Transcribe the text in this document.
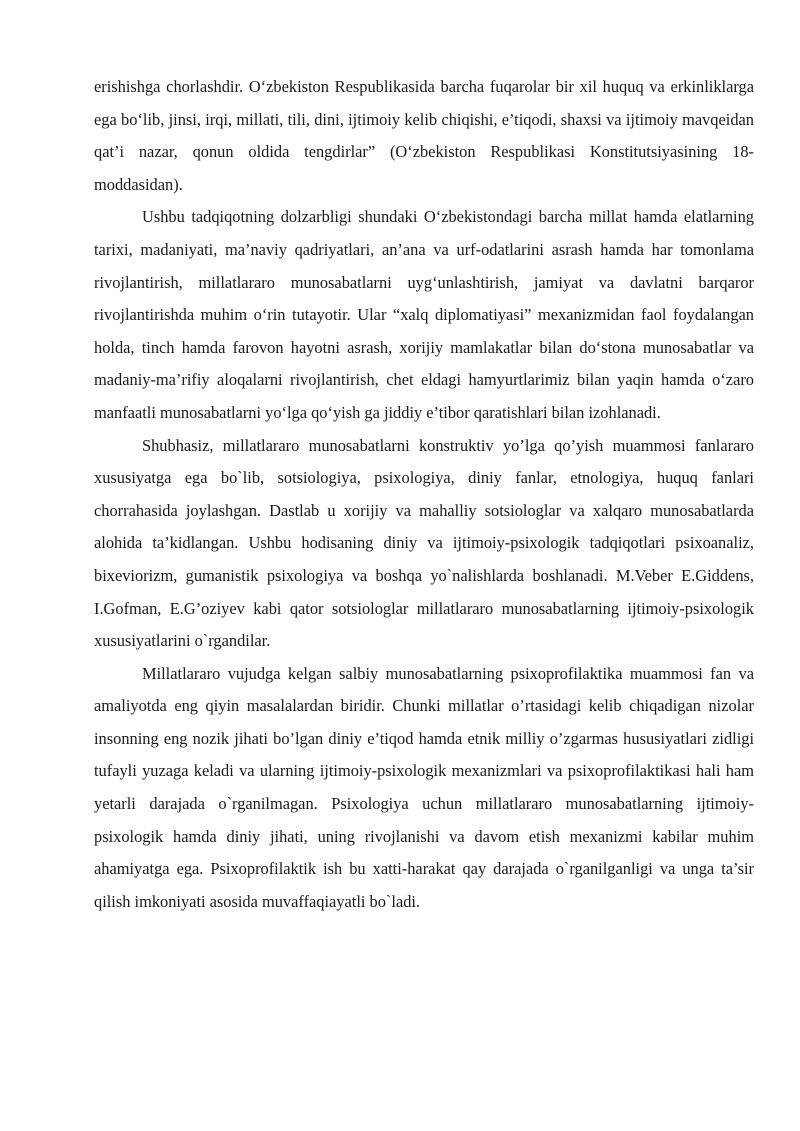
erishishga chorlashdir. O‘zbekiston Respublikasida barcha fuqarolar bir xil huquq va erkinliklarga ega bo‘lib, jinsi, irqi, millati, tili, dini, ijtimoiy kelib chiqishi, e’tiqodi, shaxsi va ijtimoiy mavqeidan qat’i nazar, qonun oldida tengdirlar” (O‘zbekiston Respublikasi Konstitutsiyasining 18-moddasidan).

Ushbu tadqiqotning dolzarbligi shundaki O‘zbekistondagi barcha millat hamda elatlarning tarixi, madaniyati, ma’naviy qadriyatlari, an’ana va urf-odatlarini asrash hamda har tomonlama rivojlantirish, millatlararo munosabatlarni uyg‘unlashtirish, jamiyat va davlatni barqaror rivojlantirishda muhim o‘rin tutayotir. Ular “xalq diplomatiyasi” mexanizmidan faol foydalangan holda, tinch hamda farovon hayotni asrash, xorijiy mamlakatlar bilan do‘stona munosabatlar va madaniy-ma’rifiy aloqalarni rivojlantirish, chet eldagi hamyurtlarimiz bilan yaqin hamda o‘zaro manfaatli munosabatlarni yo‘lga qo‘yish ga jiddiy e’tibor qaratishlari bilan izohlanadi.

Shubhasiz, millatlararo munosabatlarni konstruktiv yo’lga qo’yish muammosi fanlararo xususiyatga ega bo`lib, sotsiologiya, psixologiya, diniy fanlar, etnologiya, huquq fanlari chorrahasida joylashgan. Dastlab u xorijiy va mahalliy sotsiologlar va xalqaro munosabatlarda alohida ta’kidlangan. Ushbu hodisaning diniy va ijtimoiy-psixologik tadqiqotlari psixoanaliz, bixeviorizm, gumanistik psixologiya va boshqa yo`nalishlarda boshlanadi. M.Veber E.Giddens, I.Gofman, E.G’oziyev kabi qator sotsiologlar millatlararo munosabatlarning ijtimoiy-psixologik xususiyatlarini o`rgandilar.

Millatlararo vujudga kelgan salbiy munosabatlarning psixoprofilaktika muammosi fan va amaliyotda eng qiyin masalalardan biridir. Chunki millatlar o’rtasidagi kelib chiqadigan nizolar insonning eng nozik jihati bo’lgan diniy e’tiqod hamda etnik milliy o’zgarmas hususiyatlari zidligi tufayli yuzaga keladi va ularning ijtimoiy-psixologik mexanizmlari va psixoprofilaktikasi hali ham yetarli darajada o`rganilmagan. Psixologiya uchun millatlararo munosabatlarning ijtimoiy-psixologik hamda diniy jihati, uning rivojlanishi va davom etish mexanizmi kabilar muhim ahamiyatga ega. Psixoprofilaktik ish bu xatti-harakat qay darajada o`rganilganligi va unga ta’sir qilish imkoniyati asosida muvaffaqiayatli bo`ladi.
